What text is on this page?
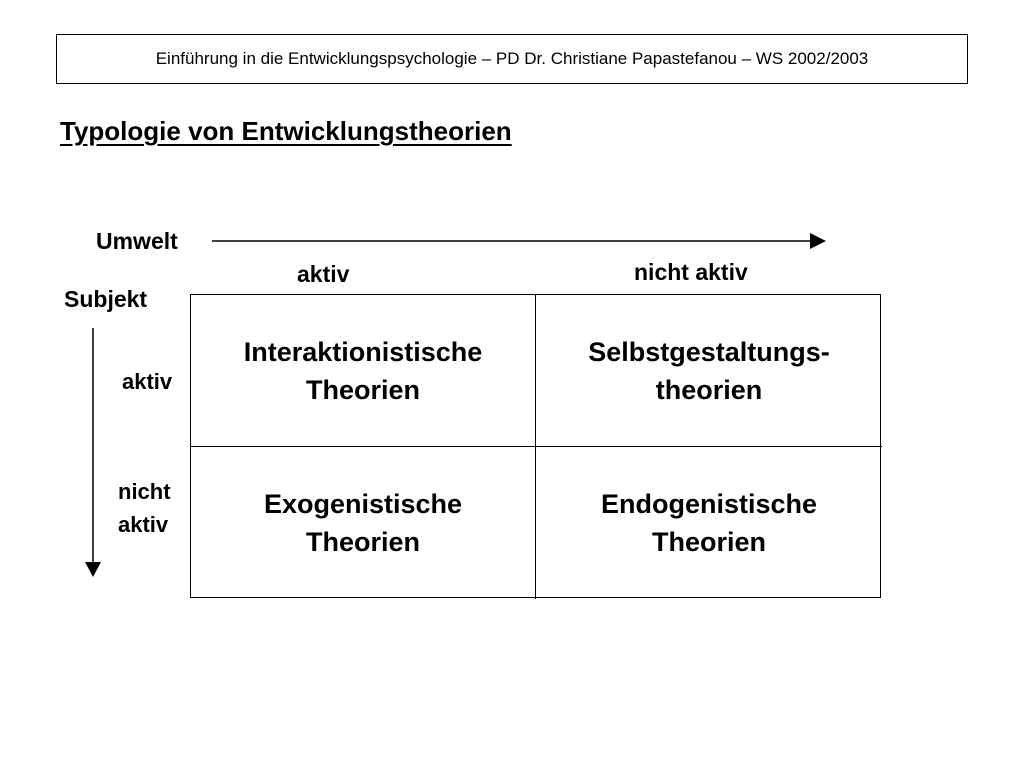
Einführung in die Entwicklungspsychologie – PD Dr. Christiane Papastefanou – WS 2002/2003
Typologie von Entwicklungstheorien
Umwelt
Subjekt
aktiv	nicht aktiv
aktiv
nicht
aktiv
Interaktionistische
Theorien
Selbstgestaltungs-
theorien
Exogenistische
Theorien
Endogenistische
Theorien
